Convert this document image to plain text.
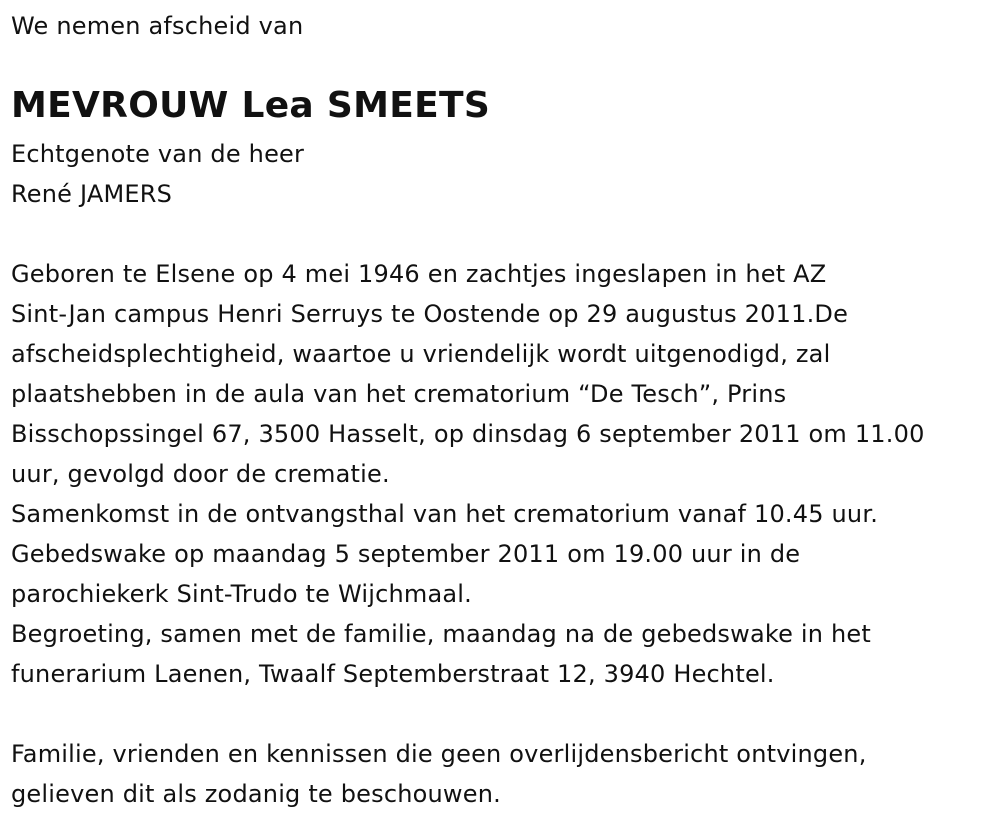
We nemen afscheid van
MEVROUW Lea SMEETS
Echtgenote van de heer
René JAMERS
Geboren te Elsene op 4 mei 1946 en zachtjes ingeslapen in het AZ
Sint-Jan campus Henri Serruys te Oostende op 29 augustus 2011.De
afscheidsplechtigheid, waartoe u vriendelijk wordt uitgenodigd, zal
plaatshebben in de aula van het crematorium “De Tesch”, Prins
Bisschopssingel 67, 3500 Hasselt, op dinsdag 6 september 2011 om 11.00
uur, gevolgd door de crematie.
Samenkomst in de ontvangsthal van het crematorium vanaf 10.45 uur.
Gebedswake op maandag 5 september 2011 om 19.00 uur in de
parochiekerk Sint-Trudo te Wijchmaal.
Begroeting, samen met de familie, maandag na de gebedswake in het
funerarium Laenen, Twaalf Septemberstraat 12, 3940 Hechtel.
Familie, vrienden en kennissen die geen overlijdensbericht ontvingen,
gelieven dit als zodanig te beschouwen.
